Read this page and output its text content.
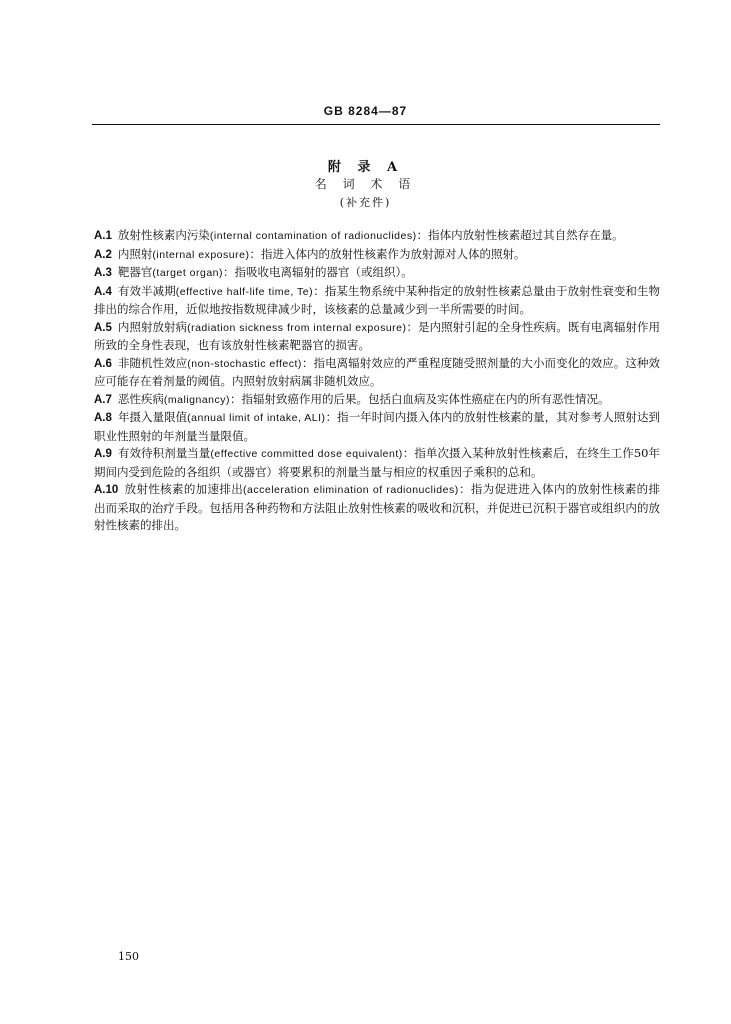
GB 8284—87
附 录 A
名 词 术 语
(补充件)

A.1 放射性核素内污染(internal contamination of radionuclides)：指体内放射性核素超过其自然存在量。

A.2 内照射(internal exposure)：指进入体内的放射性核素作为放射源对人体的照射。

A.3 靶器官(target organ)：指吸收电离辐射的器官（或组织）。

A.4 有效半减期(effective half-life time, Te)：指某生物系统中某种指定的放射性核素总量由于放射性衰变和生物排出的综合作用，近似地按指数规律减少时，该核素的总量减少到一半所需要的时间。

A.5 内照射放射病(radiation sickness from internal exposure)：是内照射引起的全身性疾病。既有电离辐射作用所致的全身性表现，也有该放射性核素靶器官的损害。

A.6 非随机性效应(non-stochastic effect)：指电离辐射效应的严重程度随受照剂量的大小而变化的效应。这种效应可能存在着剂量的阈值。内照射放射病属非随机效应。

A.7 恶性疾病(malignancy)：指辐射致癌作用的后果。包括白血病及实体性癌症在内的所有恶性情况。

A.8 年摄入量限值(annual limit of intake, ALI)：指一年时间内摄入体内的放射性核素的量，其对参考人照射达到职业性照射的年剂量当量限值。

A.9 有效待积剂量当量(effective committed dose equivalent)：指单次摄入某种放射性核素后，在终生工作50年期间内受到危险的各组织（或器官）将要累积的剂量当量与相应的权重因子乘积的总和。

A.10 放射性核素的加速排出(acceleration elimination of radionuclides)：指为促进进入体内的放射性核素的排出而采取的治疗手段。包括用各种药物和方法阻止放射性核素的吸收和沉积，并促进已沉积于器官或组织内的放射性核素的排出。

150
